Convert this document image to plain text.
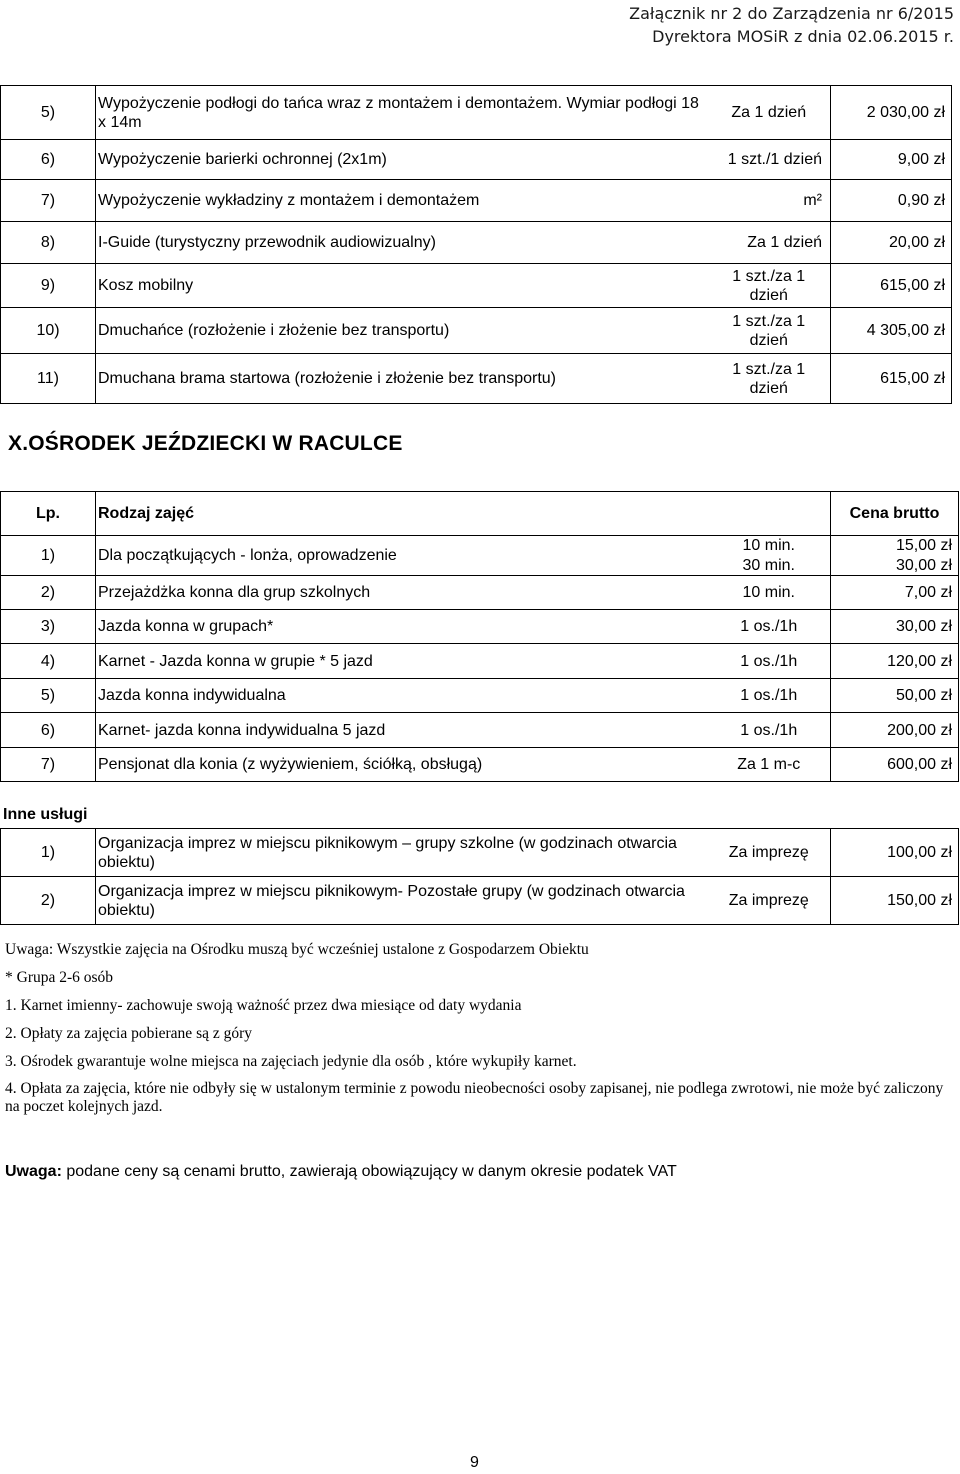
Załącznik nr 2 do Zarządzenia nr 6/2015
Dyrektora MOSiR z dnia 02.06.2015 r.
5)	Wypożyczenie podłogi do tańca wraz z montażem i demontażem. Wymiar podłogi 18 x 14m	Za 1 dzień	2 030,00 zł
6)	Wypożyczenie barierki ochronnej (2x1m)	1 szt./1 dzień	9,00 zł
7)	Wypożyczenie wykładziny z montażem i demontażem	m²	0,90 zł
8)	I-Guide (turystyczny przewodnik audiowizualny)	Za 1 dzień	20,00 zł
9)	Kosz mobilny	1 szt./za 1 dzień	615,00 zł
10)	Dmuchańce (rozłożenie i złożenie bez transportu)	1 szt./za 1 dzień	4 305,00 zł
11)	Dmuchana brama startowa (rozłożenie i złożenie bez transportu)	1 szt./za 1 dzień	615,00 zł
X.OŚRODEK JEŹDZIECKI W RACULCE
Lp.	Rodzaj zajęć		Cena brutto
1)	Dla początkujących - lonża, oprowadzenie	10 min.	15,00 zł
		30 min.	30,00 zł
2)	Przejażdżka konna dla grup szkolnych	10 min.	7,00 zł
3)	Jazda konna w grupach*	1 os./1h	30,00 zł
4)	Karnet - Jazda konna w grupie * 5 jazd	1 os./1h	120,00 zł
5)	Jazda konna indywidualna	1 os./1h	50,00 zł
6)	Karnet- jazda konna indywidualna 5 jazd	1 os./1h	200,00 zł
7)	Pensjonat dla konia (z wyżywieniem, ściółką, obsługą)	Za 1 m-c	600,00 zł
Inne usługi
1)	Organizacja imprez w miejscu piknikowym – grupy szkolne (w godzinach otwarcia obiektu)	Za imprezę	100,00 zł
2)	Organizacja imprez w miejscu piknikowym- Pozostałe grupy (w godzinach otwarcia obiektu)	Za imprezę	150,00 zł

Uwaga: Wszystkie zajęcia na Ośrodku muszą być wcześniej ustalone z Gospodarzem Obiektu

* Grupa 2-6 osób

1. Karnet imienny- zachowuje swoją ważność przez dwa miesiące od daty wydania

2. Opłaty za zajęcia pobierane są z góry

3. Ośrodek gwarantuje wolne miejsca na zajęciach jedynie dla osób , które wykupiły karnet.

4. Opłata za zajęcia, które nie odbyły się w ustalonym terminie z powodu nieobecności osoby zapisanej, nie podlega zwrotowi, nie może być zaliczony na poczet kolejnych jazd.

Uwaga: podane ceny są cenami brutto, zawierają obowiązujący w danym okresie podatek VAT
9
